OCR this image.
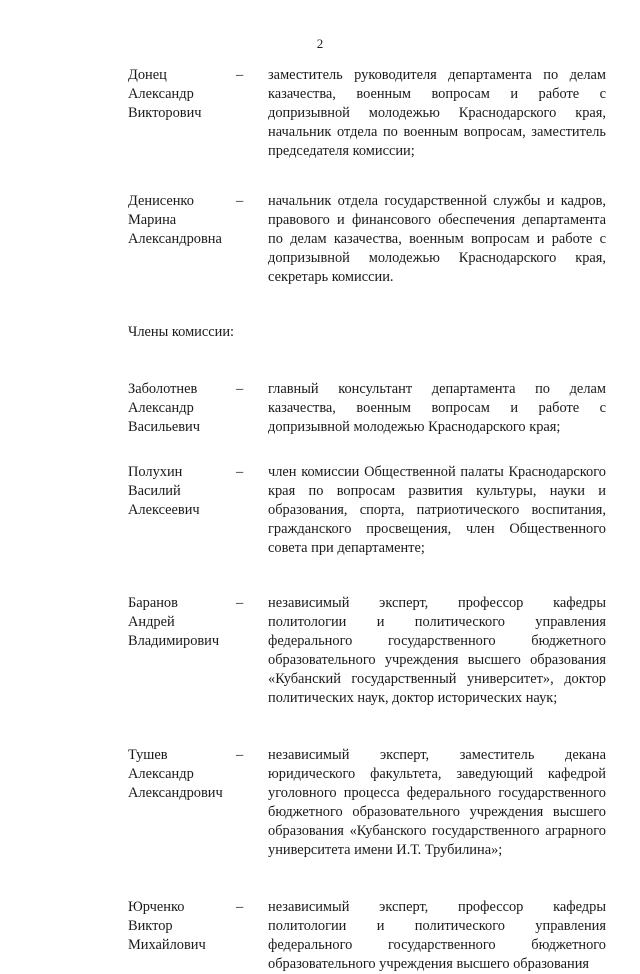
2
Донец
Александр
Викторович
– заместитель руководителя департамента по делам казачества, военным вопросам и работе с допризывной молодежью Краснодарского края, начальник отдела по военным вопросам, заместитель председателя комиссии;
Денисенко
Марина
Александровна
– начальник отдела государственной службы и кадров, правового и финансового обеспечения департамента по делам казачества, военным вопросам и работе с допризывной молодежью Краснодарского края, секретарь комиссии.
Члены комиссии:
Заболотнев
Александр
Васильевич
– главный консультант департамента по делам казачества, военным вопросам и работе с допризывной молодежью Краснодарского края;
Полухин
Василий
Алексеевич
– член комиссии Общественной палаты Краснодарского края по вопросам развития культуры, науки и образования, спорта, патриотического воспитания, гражданского просвещения, член Общественного совета при департаменте;
Баранов
Андрей
Владимирович
– независимый эксперт, профессор кафедры политологии и политического управления федерального государственного бюджетного образовательного учреждения высшего образования «Кубанский государственный университет», доктор политических наук, доктор исторических наук;
Тушев
Александр
Александрович
– независимый эксперт, заместитель декана юридического факультета, заведующий кафедрой уголовного процесса федерального государственного бюджетного образовательного учреждения высшего образования «Кубанского государственного аграрного университета имени И.Т. Трубилина»;
Юрченко
Виктор
Михайлович
– независимый эксперт, профессор кафедры политологии и политического управления федерального государственного бюджетного образовательного учреждения высшего образования
